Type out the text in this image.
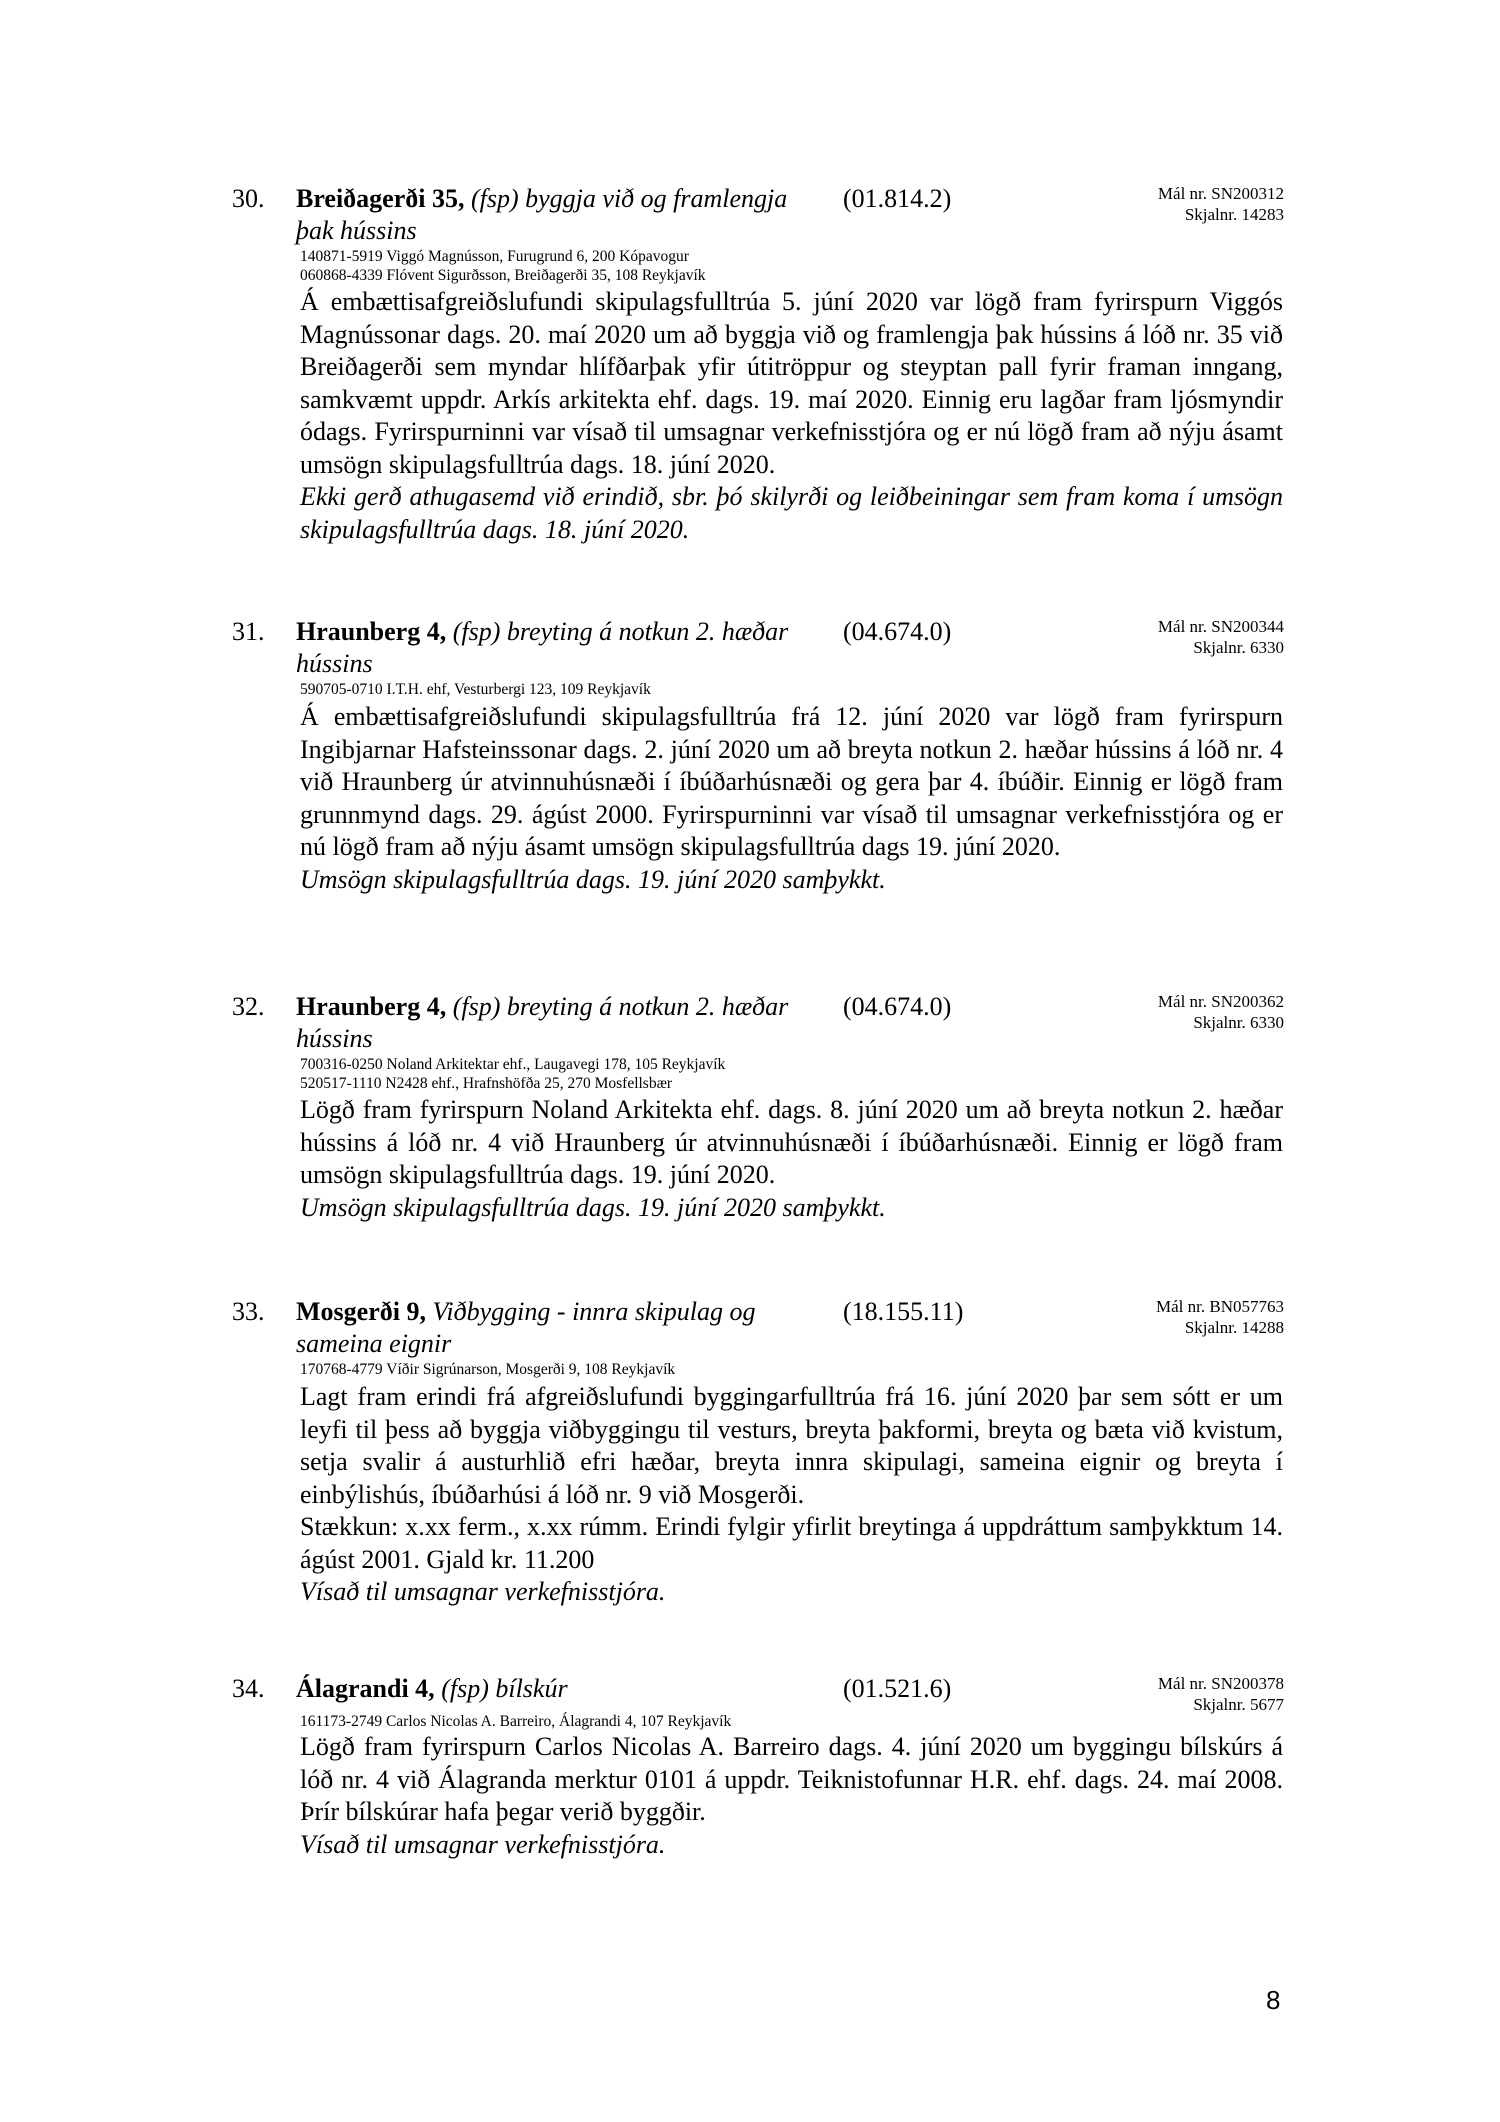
30. Breiðagerði 35, (fsp) byggja við og framlengja þak hússins
(01.814.2)	Mál nr. SN200312
Skjalnr. 14283
140871-5919 Viggó Magnússon, Furugrund 6, 200 Kópavogur
060868-4339 Flóvent Sigurðsson, Breiðagerði 35, 108 Reykjavík

Á embættisafgreiðslufundi skipulagsfulltrúa 5. júní 2020 var lögð fram fyrirspurn Viggós Magnússonar dags. 20. maí 2020 um að byggja við og framlengja þak hússins á lóð nr. 35 við Breiðagerði sem myndar hlífðarþak yfir útitröppur og steyptan pall fyrir framan inngang, samkvæmt uppdr. Arkís arkitekta ehf. dags. 19. maí 2020. Einnig eru lagðar fram ljósmyndir ódags. Fyrirspurninni var vísað til umsagnar verkefnisstjóra og er nú lögð fram að nýju ásamt umsögn skipulagsfulltrúa dags. 18. júní 2020.

Ekki gerð athugasemd við erindið, sbr. þó skilyrði og leiðbeiningar sem fram koma í umsögn skipulagsfulltrúa dags. 18. júní 2020.

31. Hraunberg 4, (fsp) breyting á notkun 2. hæðar hússins
(04.674.0)	Mál nr. SN200344
Skjalnr. 6330
590705-0710 I.T.H. ehf, Vesturbergi 123, 109 Reykjavík

Á embættisafgreiðslufundi skipulagsfulltrúa frá 12. júní 2020 var lögð fram fyrirspurn Ingibjarnar Hafsteinssonar dags. 2. júní 2020 um að breyta notkun 2. hæðar hússins á lóð nr. 4 við Hraunberg úr atvinnuhúsnæði í íbúðarhúsnæði og gera þar 4. íbúðir. Einnig er lögð fram grunnmynd dags. 29. ágúst 2000. Fyrirspurninni var vísað til umsagnar verkefnisstjóra og er nú lögð fram að nýju ásamt umsögn skipulagsfulltrúa dags 19. júní 2020.

Umsögn skipulagsfulltrúa dags. 19. júní 2020 samþykkt.

32. Hraunberg 4, (fsp) breyting á notkun 2. hæðar hússins
(04.674.0)	Mál nr. SN200362
Skjalnr. 6330
700316-0250 Noland Arkitektar ehf., Laugavegi 178, 105 Reykjavík
520517-1110 N2428 ehf., Hrafnshöfða 25, 270 Mosfellsbær

Lögð fram fyrirspurn Noland Arkitekta ehf. dags. 8. júní 2020 um að breyta notkun 2. hæðar hússins á lóð nr. 4 við Hraunberg úr atvinnuhúsnæði í íbúðarhúsnæði. Einnig er lögð fram umsögn skipulagsfulltrúa dags. 19. júní 2020.

Umsögn skipulagsfulltrúa dags. 19. júní 2020 samþykkt.

33. Mosgerði 9, Viðbygging - innra skipulag og sameina eignir
(18.155.11)	Mál nr. BN057763
Skjalnr. 14288
170768-4779 Víðir Sigrúnarson, Mosgerði 9, 108 Reykjavík

Lagt fram erindi frá afgreiðslufundi byggingarfulltrúa frá 16. júní 2020 þar sem sótt er um leyfi til þess að byggja viðbyggingu til vesturs, breyta þakformi, breyta og bæta við kvistum, setja svalir á austurhlið efri hæðar, breyta innra skipulagi, sameina eignir og breyta í einbýlishús, íbúðarhúsi á lóð nr. 9 við Mosgerði.

Stækkun: x.xx ferm., x.xx rúmm. Erindi fylgir yfirlit breytinga á uppdráttum samþykktum 14. ágúst 2001. Gjald kr. 11.200

Vísað til umsagnar verkefnisstjóra.

34. Álagrandi 4, (fsp) bílskúr	(01.521.6)	Mál nr. SN200378
Skjalnr. 5677
161173-2749 Carlos Nicolas A. Barreiro, Álagrandi 4, 107 Reykjavík

Lögð fram fyrirspurn Carlos Nicolas A. Barreiro dags. 4. júní 2020 um byggingu bílskúrs á lóð nr. 4 við Álagranda merktur 0101 á uppdr. Teiknistofunnar H.R. ehf. dags. 24. maí 2008. Þrír bílskúrar hafa þegar verið byggðir.

Vísað til umsagnar verkefnisstjóra.

8
